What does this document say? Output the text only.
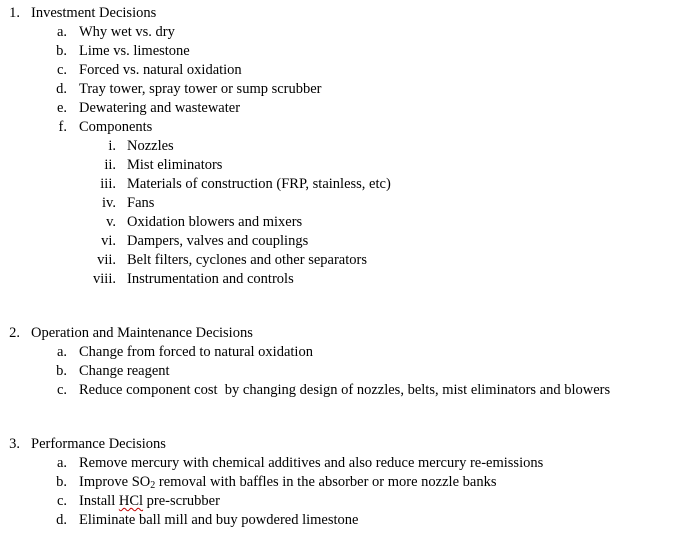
1. Investment Decisions
a. Why wet vs. dry
b. Lime vs. limestone
c. Forced vs. natural oxidation
d. Tray tower, spray tower or sump scrubber
e. Dewatering and wastewater
f. Components
i. Nozzles
ii. Mist eliminators
iii. Materials of construction (FRP, stainless, etc)
iv. Fans
v. Oxidation blowers and mixers
vi. Dampers, valves and couplings
vii. Belt filters, cyclones and other separators
viii. Instrumentation and controls
2. Operation and Maintenance Decisions
a. Change from forced to natural oxidation
b. Change reagent
c. Reduce component cost  by changing design of nozzles, belts, mist eliminators and blowers
3. Performance Decisions
a. Remove mercury with chemical additives and also reduce mercury re-emissions
b. Improve $SO_2$ removal with baffles in the absorber or more nozzle banks
c. Install HCl pre-scrubber
d. Eliminate ball mill and buy powdered limestone
